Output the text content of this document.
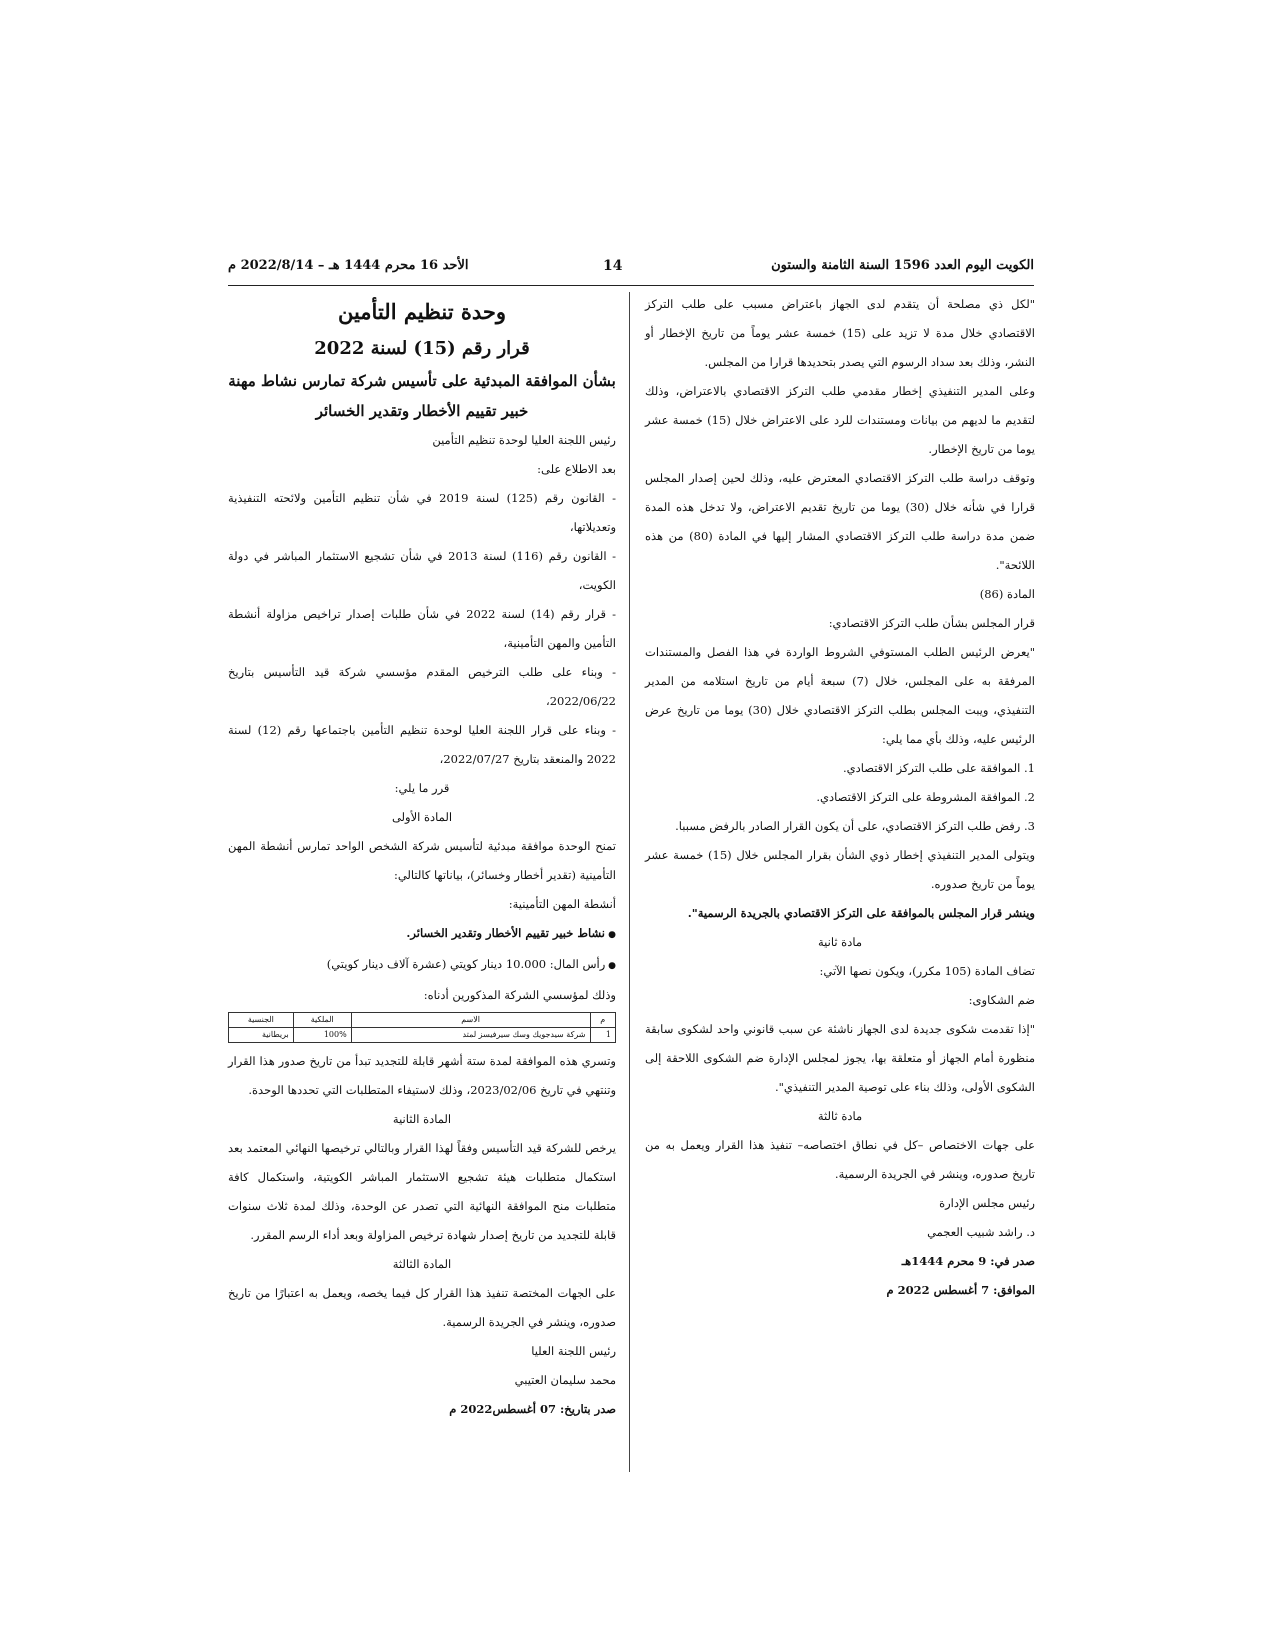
الكويت اليوم العدد 1596 السنة الثامنة والستون
14
الأحد 16 محرم 1444 هـ – 2022/8/14 م

"لكل ذي مصلحة أن يتقدم لدى الجهاز باعتراض مسبب على طلب التركز الاقتصادي خلال مدة لا تزيد على (15) خمسة عشر يوماً من تاريخ الإخطار أو النشر، وذلك بعد سداد الرسوم التي يصدر بتحديدها قرارا من المجلس.

وعلى المدير التنفيذي إخطار مقدمي طلب التركز الاقتصادي بالاعتراض، وذلك لتقديم ما لديهم من بيانات ومستندات للرد على الاعتراض خلال (15) خمسة عشر يوما من تاريخ الإخطار.

وتوقف دراسة طلب التركز الاقتصادي المعترض عليه، وذلك لحين إصدار المجلس قرارا في شأنه خلال (30) يوما من تاريخ تقديم الاعتراض، ولا تدخل هذه المدة ضمن مدة دراسة طلب التركز الاقتصادي المشار إليها في المادة (80) من هذه اللائحة".

المادة (86)

قرار المجلس بشأن طلب التركز الاقتصادي:

"يعرض الرئيس الطلب المستوفي الشروط الواردة في هذا الفصل والمستندات المرفقة به على المجلس، خلال (7) سبعة أيام من تاريخ استلامه من المدير التنفيذي، ويبت المجلس بطلب التركز الاقتصادي خلال (30) يوما من تاريخ عرض الرئيس عليه، وذلك بأي مما يلي:

1. الموافقة على طلب التركز الاقتصادي.

2. الموافقة المشروطة على التركز الاقتصادي.

3. رفض طلب التركز الاقتصادي، على أن يكون القرار الصادر بالرفض مسببا.

ويتولى المدير التنفيذي إخطار ذوي الشأن بقرار المجلس خلال (15) خمسة عشر يوماً من تاريخ صدوره.

وينشر قرار المجلس بالموافقة على التركز الاقتصادي بالجريدة الرسمية".

مادة ثانية

تضاف المادة (105 مكرر)، ويكون نصها الآتي:

ضم الشكاوى:

"إذا تقدمت شكوى جديدة لدى الجهاز ناشئة عن سبب قانوني واحد لشكوى سابقة منظورة أمام الجهاز أو متعلقة بها، يجوز لمجلس الإدارة ضم الشكوى اللاحقة إلى الشكوى الأولى، وذلك بناء على توصية المدير التنفيذي".

مادة ثالثة

على جهات الاختصاص –كل في نطاق اختصاصه– تنفيذ هذا القرار ويعمل به من تاريخ صدوره، وينشر في الجريدة الرسمية.

رئيس مجلس الإدارة

د. راشد شبيب العجمي

صدر في: 9 محرم 1444هـ

الموافق: 7 أغسطس 2022 م

وحدة تنظيم التأمين
قرار رقم (15) لسنة 2022
بشأن الموافقة المبدئية على تأسيس شركة تمارس نشاط مهنة خبير تقييم الأخطار وتقدير الخسائر

رئيس اللجنة العليا لوحدة تنظيم التأمين

بعد الاطلاع على:

- القانون رقم (125) لسنة 2019 في شأن تنظيم التأمين ولائحته التنفيذية وتعديلاتها،

- القانون رقم (116) لسنة 2013 في شأن تشجيع الاستثمار المباشر في دولة الكويت،

- قرار رقم (14) لسنة 2022 في شأن طلبات إصدار تراخيص مزاولة أنشطة التأمين والمهن التأمينية،

- وبناء على طلب الترخيص المقدم مؤسسي شركة قيد التأسيس بتاريخ 2022/06/22،

- وبناء على قرار اللجنة العليا لوحدة تنظيم التأمين باجتماعها رقم (12) لسنة 2022 والمنعقد بتاريخ 2022/07/27،

قرر ما يلي:

المادة الأولى

تمنح الوحدة موافقة مبدئية لتأسيس شركة الشخص الواحد تمارس أنشطة المهن التأمينية (تقدير أخطار وخسائر)، بياناتها كالتالي:

أنشطة المهن التأمينية:

● نشاط خبير تقييم الأخطار وتقدير الخسائر.

● رأس المال: 10.000 دينار كويتي (عشرة آلاف دينار كويتي)

وذلك لمؤسسي الشركة المذكورين أدناه:

م	الاسم	الملكية	الجنسية
1	شركة سيدجويك وسك سيرفيسز لمتد	100%	بريطانية

وتسري هذه الموافقة لمدة ستة أشهر قابلة للتجديد تبدأ من تاريخ صدور هذا القرار وتنتهي في تاريخ 2023/02/06، وذلك لاستيفاء المتطلبات التي تحددها الوحدة.

المادة الثانية

يرخص للشركة قيد التأسيس وفقاً لهذا القرار وبالتالي ترخيصها النهائي المعتمد بعد استكمال متطلبات هيئة تشجيع الاستثمار المباشر الكويتية، واستكمال كافة متطلبات منح الموافقة النهائية التي تصدر عن الوحدة، وذلك لمدة ثلاث سنوات قابلة للتجديد من تاريخ إصدار شهادة ترخيص المزاولة وبعد أداء الرسم المقرر.

المادة الثالثة

على الجهات المختصة تنفيذ هذا القرار كل فيما يخصه، ويعمل به اعتبارًا من تاريخ صدوره، وينشر في الجريدة الرسمية.

رئيس اللجنة العليا

محمد سليمان العتيبي

صدر بتاريخ: 07 أغسطس2022 م
